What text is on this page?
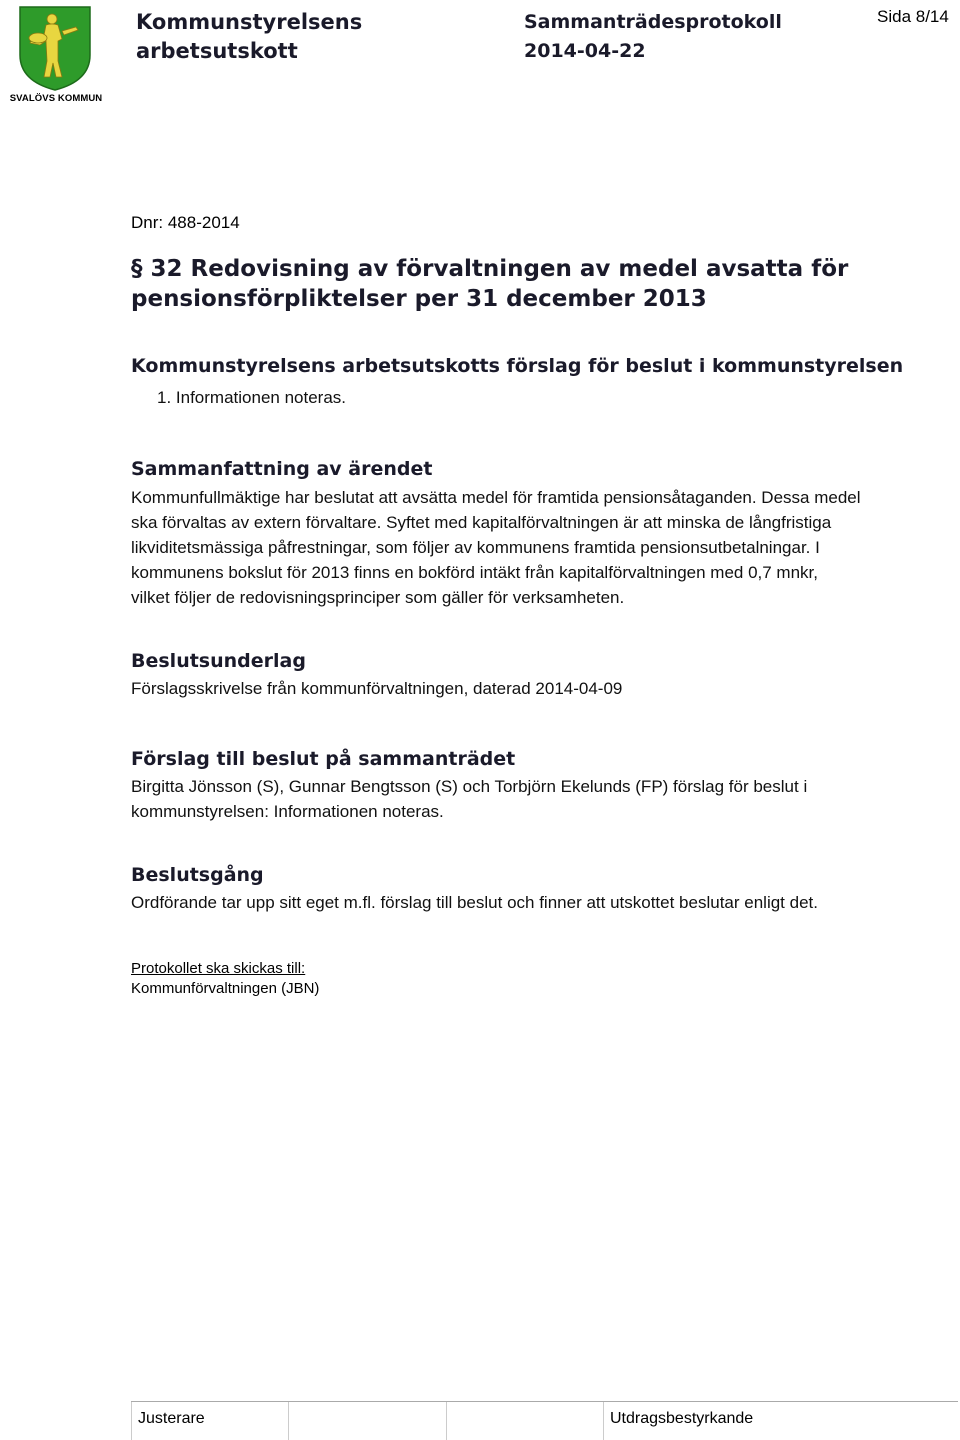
SVALÖVS KOMMUN
Kommunstyrelsens
arbetsutskott
Sammanträdesprotokoll
2014-04-22
Sida 8/14
Dnr: 488-2014
§ 32 Redovisning av förvaltningen av medel avsatta för
pensionsförpliktelser per 31 december 2013
Kommunstyrelsens arbetsutskotts förslag för beslut i kommunstyrelsen
1. Informationen noteras.
Sammanfattning av ärendet
Kommunfullmäktige har beslutat att avsätta medel för framtida pensionsåtaganden. Dessa medel
ska förvaltas av extern förvaltare. Syftet med kapitalförvaltningen är att minska de långfristiga
likviditetsmässiga påfrestningar, som följer av kommunens framtida pensionsutbetalningar. I
kommunens bokslut för 2013 finns en bokförd intäkt från kapitalförvaltningen med 0,7 mnkr,
vilket följer de redovisningsprinciper som gäller för verksamheten.
Beslutsunderlag
Förslagsskrivelse från kommunförvaltningen, daterad 2014-04-09
Förslag till beslut på sammanträdet
Birgitta Jönsson (S), Gunnar Bengtsson (S) och Torbjörn Ekelunds (FP) förslag för beslut i
kommunstyrelsen: Informationen noteras.
Beslutsgång
Ordförande tar upp sitt eget m.fl. förslag till beslut och finner att utskottet beslutar enligt det.
Protokollet ska skickas till:
Kommunförvaltningen (JBN)
Justerare	Utdragsbestyrkande
